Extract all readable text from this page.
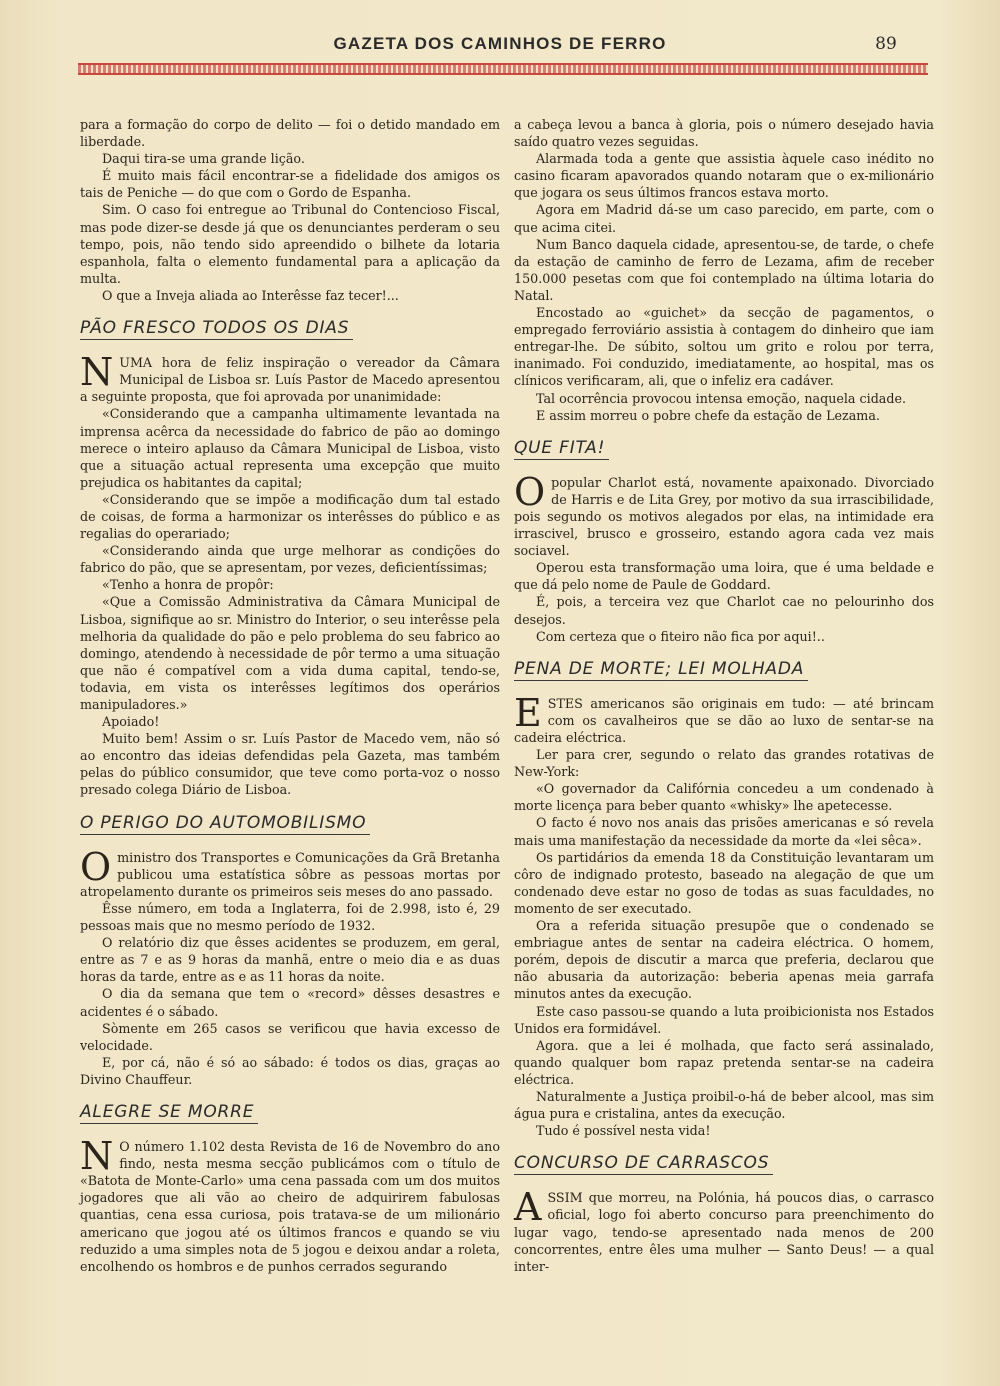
GAZETA DOS CAMINHOS DE FERRO	89

para a formação do corpo de delito — foi o detido mandado em liberdade.

Daqui tira-se uma grande lição.

É muito mais fácil encontrar-se a fidelidade dos amigos os tais de Peniche — do que com o Gordo de Espanha.

Sim. O caso foi entregue ao Tribunal do Contencioso Fiscal, mas pode dizer-se desde já que os denunciantes perderam o seu tempo, pois, não tendo sido apreendido o bilhete da lotaria espanhola, falta o elemento fundamental para a aplicação da multa.

O que a Inveja aliada ao Interêsse faz tecer!...

PÃO FRESCO TODOS OS DIAS

NUMA hora de feliz inspiração o vereador da Câmara Municipal de Lisboa sr. Luís Pastor de Macedo apresentou a seguinte proposta, que foi aprovada por unanimidade:

«Considerando que a campanha ultimamente levantada na imprensa acêrca da necessidade do fabrico de pão ao domingo merece o inteiro aplauso da Câmara Municipal de Lisboa, visto que a situação actual representa uma excepção que muito prejudica os habitantes da capital;

«Considerando que se impõe a modificação dum tal estado de coisas, de forma a harmonizar os interêsses do público e as regalias do operariado;

«Considerando ainda que urge melhorar as condições do fabrico do pão, que se apresentam, por vezes, deficientíssimas;

«Tenho a honra de propôr:

«Que a Comissão Administrativa da Câmara Municipal de Lisboa, signifique ao sr. Ministro do Interior, o seu interêsse pela melhoria da qualidade do pão e pelo problema do seu fabrico ao domingo, atendendo à necessidade de pôr termo a uma situação que não é compatível com a vida duma capital, tendo-se, todavia, em vista os interêsses legítimos dos operários manipuladores.»

Apoiado!

Muito bem! Assim o sr. Luís Pastor de Macedo vem, não só ao encontro das ideias defendidas pela Gazeta, mas também pelas do público consumidor, que teve como porta-voz o nosso presado colega Diário de Lisboa.

O PERIGO DO AUTOMOBILISMO

Oministro dos Transportes e Comunicações da Grã Bretanha publicou uma estatística sôbre as pessoas mortas por atropelamento durante os primeiros seis meses do ano passado.

Êsse número, em toda a Inglaterra, foi de 2.998, isto é, 29 pessoas mais que no mesmo período de 1932.

O relatório diz que êsses acidentes se produzem, em geral, entre as 7 e as 9 horas da manhã, entre o meio dia e as duas horas da tarde, entre as e as 11 horas da noite.

O dia da semana que tem o «record» dêsses desastres e acidentes é o sábado.

Sòmente em 265 casos se verificou que havia excesso de velocidade.

E, por cá, não é só ao sábado: é todos os dias, graças ao Divino Chauffeur.

ALEGRE SE MORRE

N O número 1.102 desta Revista de 16 de Novembro do ano findo, nesta mesma secção publicámos com o título de «Batota de Monte-Carlo» uma cena passada com um dos muitos jogadores que ali vão ao cheiro de adquirirem fabulosas quantias, cena essa curiosa, pois tratava-se de um milionário americano que jogou até os últimos francos e quando se viu reduzido a uma simples nota de 5 jogou e deixou andar a roleta, encolhendo os hombros e de punhos cerrados segurando

a cabeça levou a banca à gloria, pois o número desejado havia saído quatro vezes seguidas.

Alarmada toda a gente que assistia àquele caso inédito no casino ficaram apavorados quando notaram que o ex-milionário que jogara os seus últimos francos estava morto.

Agora em Madrid dá-se um caso parecido, em parte, com o que acima citei.

Num Banco daquela cidade, apresentou-se, de tarde, o chefe da estação de caminho de ferro de Lezama, afim de receber 150.000 pesetas com que foi contemplado na última lotaria do Natal.

Encostado ao «guichet» da secção de pagamentos, o empregado ferroviário assistia à contagem do dinheiro que iam entregar-lhe. De súbito, soltou um grito e rolou por terra, inanimado. Foi conduzido, imediatamente, ao hospital, mas os clínicos verificaram, ali, que o infeliz era cadáver.

Tal ocorrência provocou intensa emoção, naquela cidade.

E assim morreu o pobre chefe da estação de Lezama.

QUE FITA!

Opopular Charlot está, novamente apaixonado. Divorciado de Harris e de Lita Grey, por motivo da sua irrascibilidade, pois segundo os motivos alegados por elas, na intimidade era irrascivel, brusco e grosseiro, estando agora cada vez mais sociavel.

Operou esta transformação uma loira, que é uma beldade e que dá pelo nome de Paule de Goddard.

É, pois, a terceira vez que Charlot cae no pelourinho dos desejos.

Com certeza que o fiteiro não fica por aqui!..

PENA DE MORTE; LEI MOLHADA

ESTES americanos são originais em tudo: — até brincam com os cavalheiros que se dão ao luxo de sentar-se na cadeira eléctrica.

Ler para crer, segundo o relato das grandes rotativas de New-York:

«O governador da Califórnia concedeu a um condenado à morte licença para beber quanto «whisky» lhe apetecesse.

O facto é novo nos anais das prisões americanas e só revela mais uma manifestação da necessidade da morte da «lei sêca».

Os partidários da emenda 18 da Constituição levantaram um côro de indignado protesto, baseado na alegação de que um condenado deve estar no goso de todas as suas faculdades, no momento de ser executado.

Ora a referida situação presupõe que o condenado se embriague antes de sentar na cadeira eléctrica. O homem, porém, depois de discutir a marca que preferia, declarou que não abusaria da autorização: beberia apenas meia garrafa minutos antes da execução.

Este caso passou-se quando a luta proibicionista nos Estados Unidos era formidável.

Agora. que a lei é molhada, que facto será assinalado, quando qualquer bom rapaz pretenda sentar-se na cadeira eléctrica.

Naturalmente a Justiça proibil-o-há de beber alcool, mas sim água pura e cristalina, antes da execução.

Tudo é possível nesta vida!

CONCURSO DE CARRASCOS

ASSIM que morreu, na Polónia, há poucos dias, o carrasco oficial, logo foi aberto concurso para preenchimento do lugar vago, tendo-se apresentado nada menos de 200 concorrentes, entre êles uma mulher — Santo Deus! — a qual inter-
